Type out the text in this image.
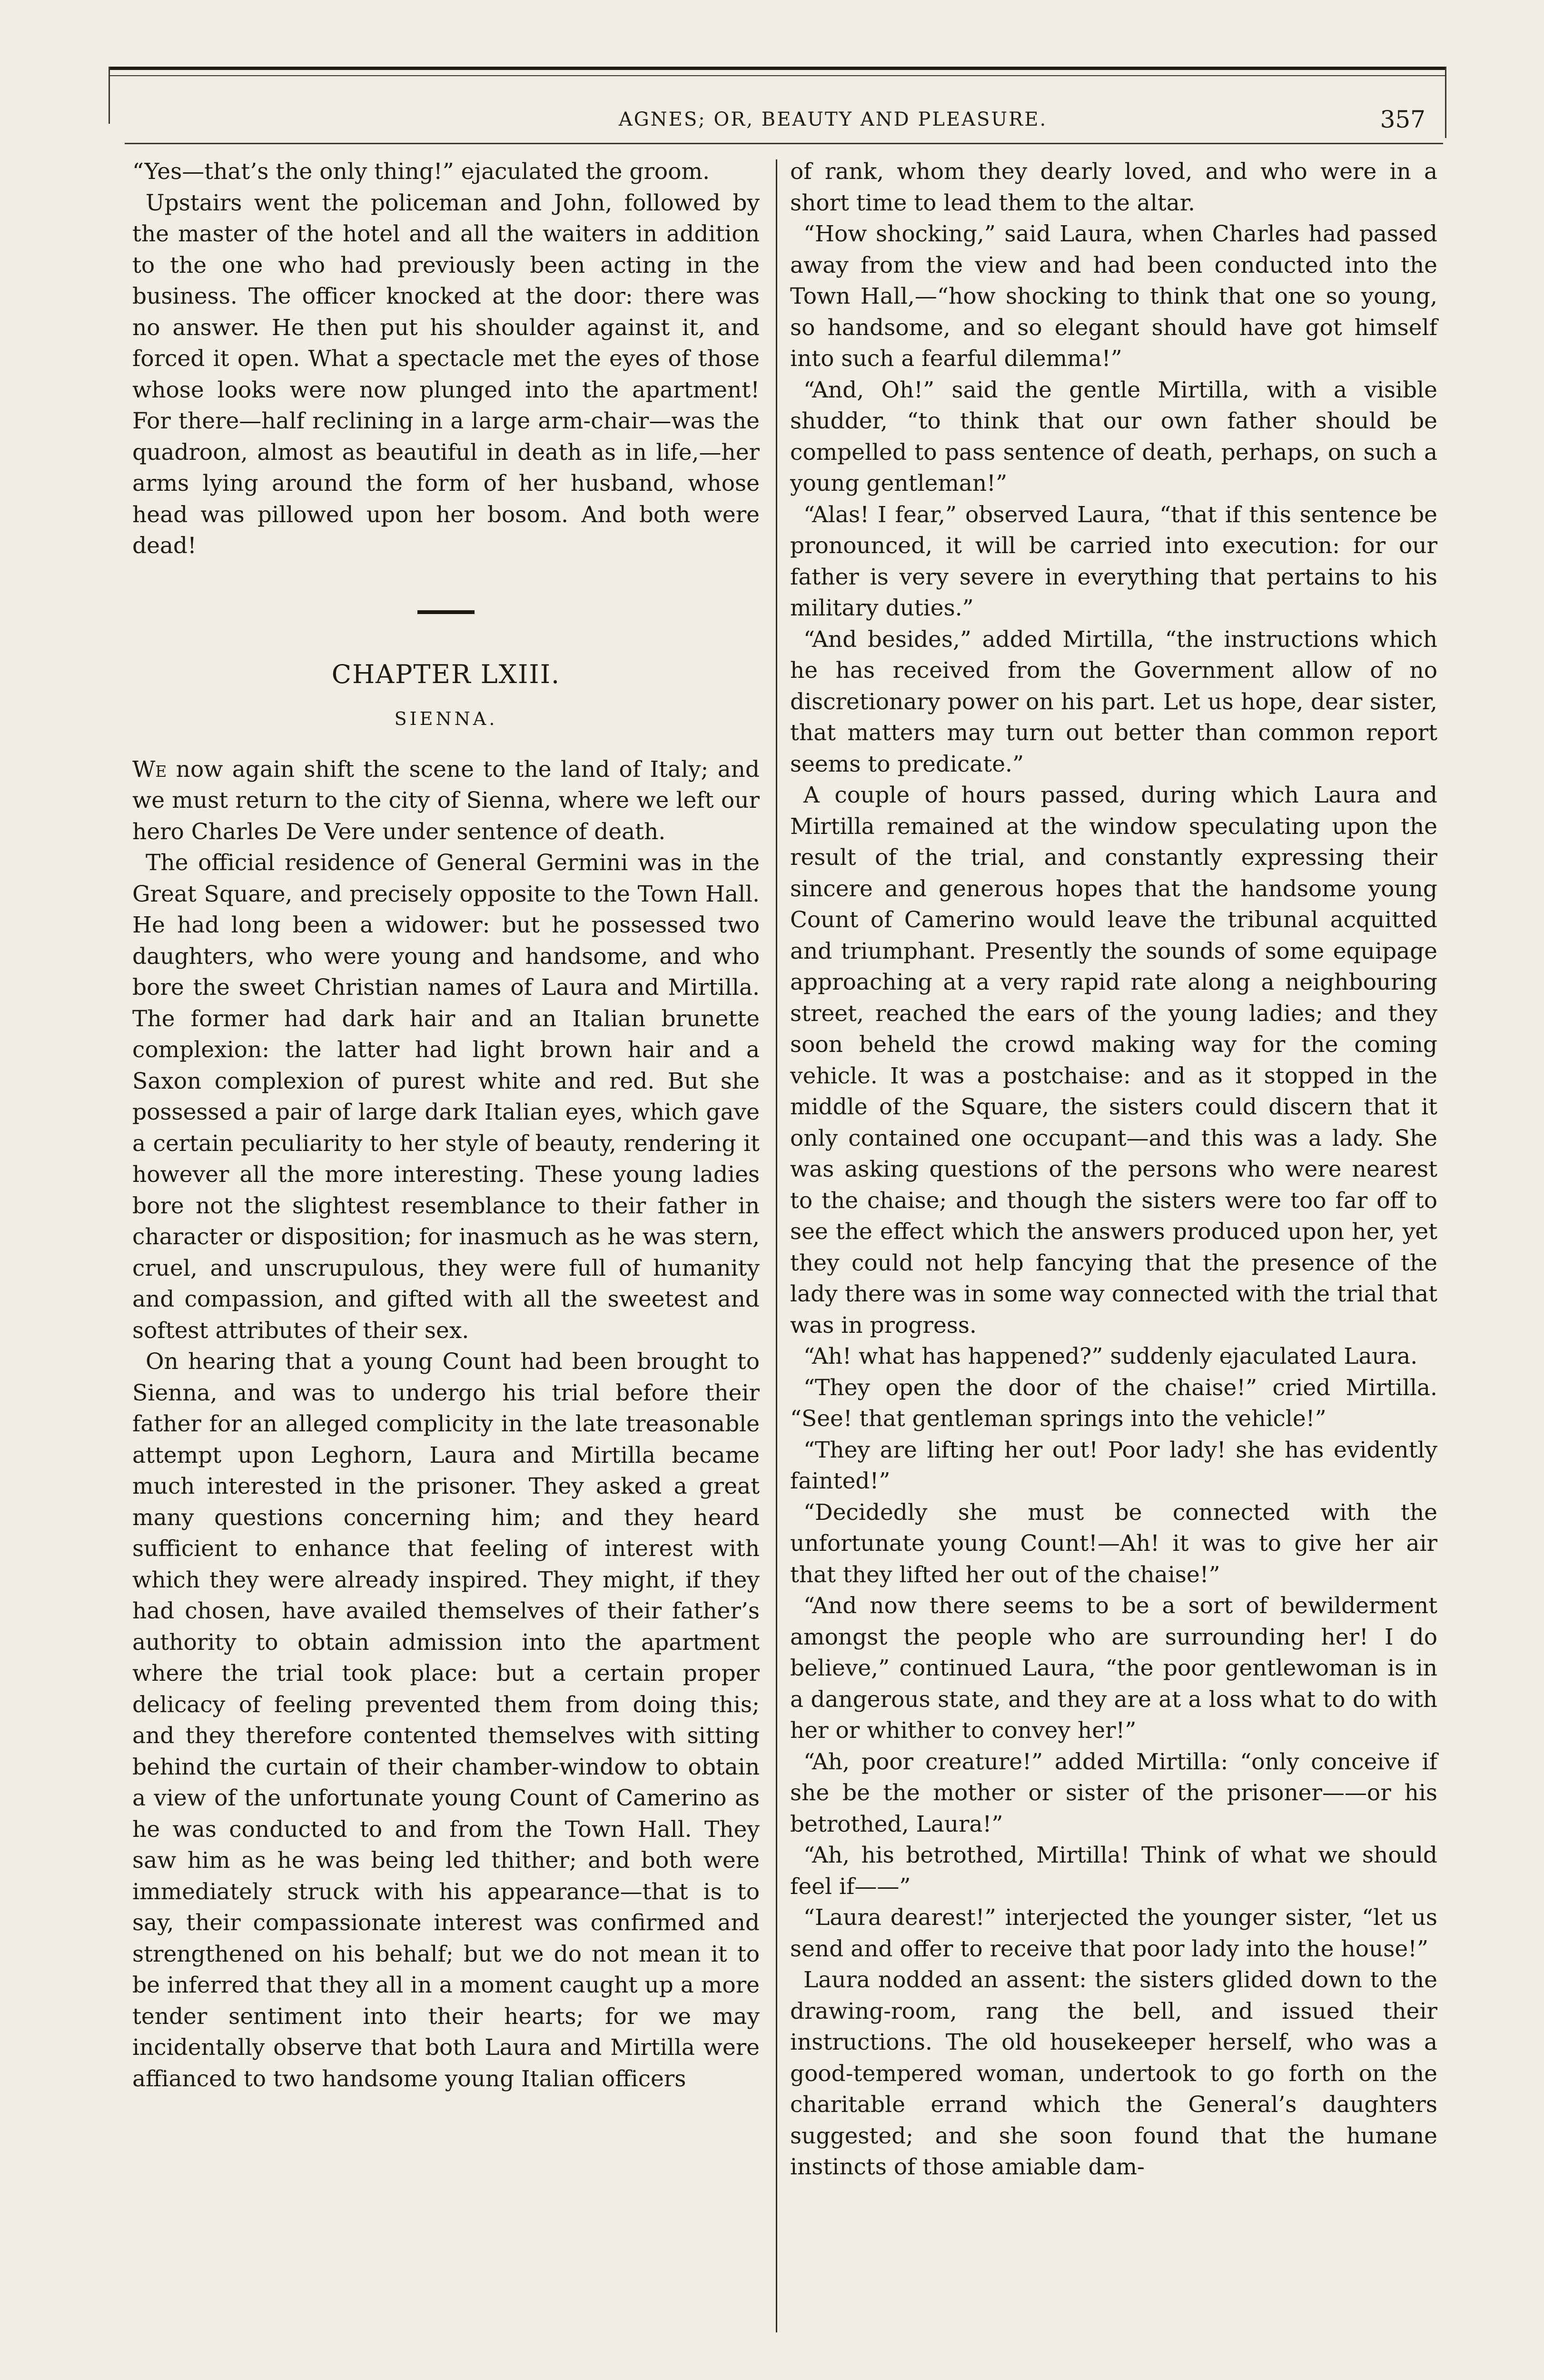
AGNES; OR, BEAUTY AND PLEASURE.	357

“Yes—that’s the only thing!” ejaculated the groom.

Upstairs went the policeman and John, followed by the master of the hotel and all the waiters in addition to the one who had previously been acting in the business. The officer knocked at the door: there was no answer. He then put his shoulder against it, and forced it open. What a spectacle met the eyes of those whose looks were now plunged into the apartment! For there—half reclining in a large arm-chair—was the quadroon, almost as beautiful in death as in life,—her arms lying around the form of her husband, whose head was pillowed upon her bosom. And both were dead!

CHAPTER LXIII.
SIENNA.

We now again shift the scene to the land of Italy; and we must return to the city of Sienna, where we left our hero Charles De Vere under sentence of death.

The official residence of General Germini was in the Great Square, and precisely opposite to the Town Hall. He had long been a widower: but he possessed two daughters, who were young and handsome, and who bore the sweet Christian names of Laura and Mirtilla. The former had dark hair and an Italian brunette complexion: the latter had light brown hair and a Saxon complexion of purest white and red. But she possessed a pair of large dark Italian eyes, which gave a certain peculiarity to her style of beauty, rendering it however all the more interesting. These young ladies bore not the slightest resemblance to their father in character or disposition; for inasmuch as he was stern, cruel, and unscrupulous, they were full of humanity and compassion, and gifted with all the sweetest and softest attributes of their sex.

On hearing that a young Count had been brought to Sienna, and was to undergo his trial before their father for an alleged complicity in the late treasonable attempt upon Leghorn, Laura and Mirtilla became much interested in the prisoner. They asked a great many questions concerning him; and they heard sufficient to enhance that feeling of interest with which they were already inspired. They might, if they had chosen, have availed themselves of their father’s authority to obtain admission into the apartment where the trial took place: but a certain proper delicacy of feeling prevented them from doing this; and they therefore contented themselves with sitting behind the curtain of their chamber-window to obtain a view of the unfortunate young Count of Camerino as he was conducted to and from the Town Hall. They saw him as he was being led thither; and both were immediately struck with his appearance—that is to say, their compassionate interest was confirmed and strengthened on his behalf; but we do not mean it to be inferred that they all in a moment caught up a more tender sentiment into their hearts; for we may incidentally observe that both Laura and Mirtilla were affianced to two handsome young Italian officers

of rank, whom they dearly loved, and who were in a short time to lead them to the altar.

“How shocking,” said Laura, when Charles had passed away from the view and had been conducted into the Town Hall,—“how shocking to think that one so young, so handsome, and so elegant should have got himself into such a fearful dilemma!”

“And, Oh!” said the gentle Mirtilla, with a visible shudder, “to think that our own father should be compelled to pass sentence of death, perhaps, on such a young gentleman!”

“Alas! I fear,” observed Laura, “that if this sentence be pronounced, it will be carried into execution: for our father is very severe in everything that pertains to his military duties.”

“And besides,” added Mirtilla, “the instructions which he has received from the Government allow of no discretionary power on his part. Let us hope, dear sister, that matters may turn out better than common report seems to predicate.”

A couple of hours passed, during which Laura and Mirtilla remained at the window speculating upon the result of the trial, and constantly expressing their sincere and generous hopes that the handsome young Count of Camerino would leave the tribunal acquitted and triumphant. Presently the sounds of some equipage approaching at a very rapid rate along a neighbouring street, reached the ears of the young ladies; and they soon beheld the crowd making way for the coming vehicle. It was a postchaise: and as it stopped in the middle of the Square, the sisters could discern that it only contained one occupant—and this was a lady. She was asking questions of the persons who were nearest to the chaise; and though the sisters were too far off to see the effect which the answers produced upon her, yet they could not help fancying that the presence of the lady there was in some way connected with the trial that was in progress.

“Ah! what has happened?” suddenly ejaculated Laura.

“They open the door of the chaise!” cried Mirtilla. “See! that gentleman springs into the vehicle!”

“They are lifting her out! Poor lady! she has evidently fainted!”

“Decidedly she must be connected with the unfortunate young Count!—Ah! it was to give her air that they lifted her out of the chaise!”

“And now there seems to be a sort of bewilderment amongst the people who are surrounding her! I do believe,” continued Laura, “the poor gentlewoman is in a dangerous state, and they are at a loss what to do with her or whither to convey her!”

“Ah, poor creature!” added Mirtilla: “only conceive if she be the mother or sister of the prisoner——or his betrothed, Laura!”

“Ah, his betrothed, Mirtilla! Think of what we should feel if——”

“Laura dearest!” interjected the younger sister, “let us send and offer to receive that poor lady into the house!”

Laura nodded an assent: the sisters glided down to the drawing-room, rang the bell, and issued their instructions. The old housekeeper herself, who was a good-tempered woman, undertook to go forth on the charitable errand which the General’s daughters suggested; and she soon found that the humane instincts of those amiable dam-
